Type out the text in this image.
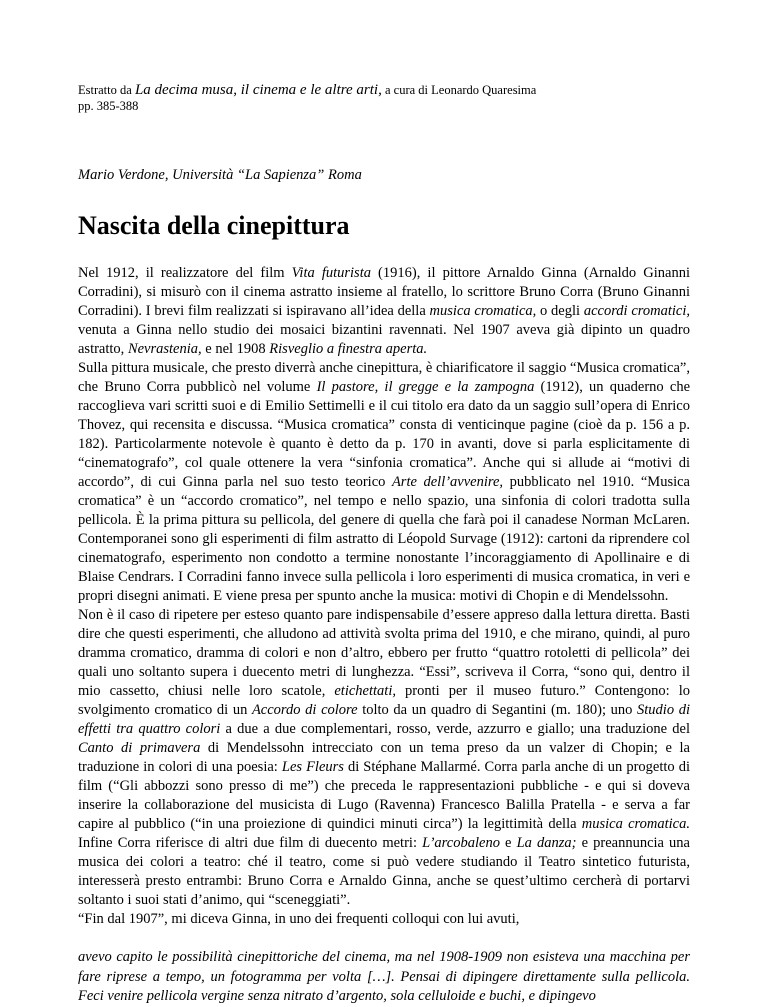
Estratto da La decima musa, il cinema e le altre arti, a cura di Leonardo Quaresima
pp. 385-388
Mario Verdone, Università “La Sapienza” Roma
Nascita della cinepittura

Nel 1912, il realizzatore del film Vita futurista (1916), il pittore Arnaldo Ginna (Arnaldo Ginanni Corradini), si misurò con il cinema astratto insieme al fratello, lo scrittore Bruno Corra (Bruno Ginanni Corradini). I brevi film realizzati si ispiravano all’idea della musica cromatica, o degli accordi cromatici, venuta a Ginna nello studio dei mosaici bizantini ravennati. Nel 1907 aveva già dipinto un quadro astratto, Nevrastenia, e nel 1908 Risveglio a finestra aperta.

Sulla pittura musicale, che presto diverrà anche cinepittura, è chiarificatore il saggio “Musica cromatica”, che Bruno Corra pubblicò nel volume Il pastore, il gregge e la zampogna (1912), un quaderno che raccoglieva vari scritti suoi e di Emilio Settimelli e il cui titolo era dato da un saggio sull’opera di Enrico Thovez, qui recensita e discussa. “Musica cromatica” consta di venticinque pagine (cioè da p. 156 a p. 182). Particolarmente notevole è quanto è detto da p. 170 in avanti, dove si parla esplicitamente di “cinematografo”, col quale ottenere la vera “sinfonia cromatica”. Anche qui si allude ai “motivi di accordo”, di cui Ginna parla nel suo testo teorico Arte dell’avvenire, pubblicato nel 1910. “Musica cromatica” è un “accordo cromatico”, nel tempo e nello spazio, una sinfonia di colori tradotta sulla pellicola. È la prima pittura su pellicola, del genere di quella che farà poi il canadese Norman McLaren. Contemporanei sono gli esperimenti di film astratto di Léopold Survage (1912): cartoni da riprendere col cinematografo, esperimento non condotto a termine nonostante l’incoraggiamento di Apollinaire e di Blaise Cendrars. I Corradini fanno invece sulla pellicola i loro esperimenti di musica cromatica, in veri e propri disegni animati. E viene presa per spunto anche la musica: motivi di Chopin e di Mendelssohn.

Non è il caso di ripetere per esteso quanto pare indispensabile d’essere appreso dalla lettura diretta. Basti dire che questi esperimenti, che alludono ad attività svolta prima del 1910, e che mirano, quindi, al puro dramma cromatico, dramma di colori e non d’altro, ebbero per frutto “quattro rotoletti di pellicola” dei quali uno soltanto supera i duecento metri di lunghezza. “Essi”, scriveva il Corra, “sono qui, dentro il mio cassetto, chiusi nelle loro scatole, etichettati, pronti per il museo futuro.” Contengono: lo svolgimento cromatico di un Accordo di colore tolto da un quadro di Segantini (m. 180); uno Studio di effetti tra quattro colori a due a due complementari, rosso, verde, azzurro e giallo; una traduzione del Canto di primavera di Mendelssohn intrecciato con un tema preso da un valzer di Chopin; e la traduzione in colori di una poesia: Les Fleurs di Stéphane Mallarmé. Corra parla anche di un progetto di film (“Gli abbozzi sono presso di me”) che preceda le rappresentazioni pubbliche - e qui si doveva inserire la collaborazione del musicista di Lugo (Ravenna) Francesco Balilla Pratella - e serva a far capire al pubblico (“in una proiezione di quindici minuti circa”) la legittimità della musica cromatica. Infine Corra riferisce di altri due film di duecento metri: L’arcobaleno e La danza; e preannuncia una musica dei colori a teatro: ché il teatro, come si può vedere studiando il Teatro sintetico futurista, interesserà presto entrambi: Bruno Corra e Arnaldo Ginna, anche se quest’ultimo cercherà di portarvi soltanto i suoi stati d’animo, qui “sceneggiati”.

“Fin dal 1907”, mi diceva Ginna, in uno dei frequenti colloqui con lui avuti,

avevo capito le possibilità cinepittoriche del cinema, ma nel 1908-1909 non esisteva una macchina per fare riprese a tempo, un fotogramma per volta […]. Pensai di dipingere direttamente sulla pellicola. Feci venire pellicola vergine senza nitrato d’argento, sola celluloide e buchi, e dipingevo
